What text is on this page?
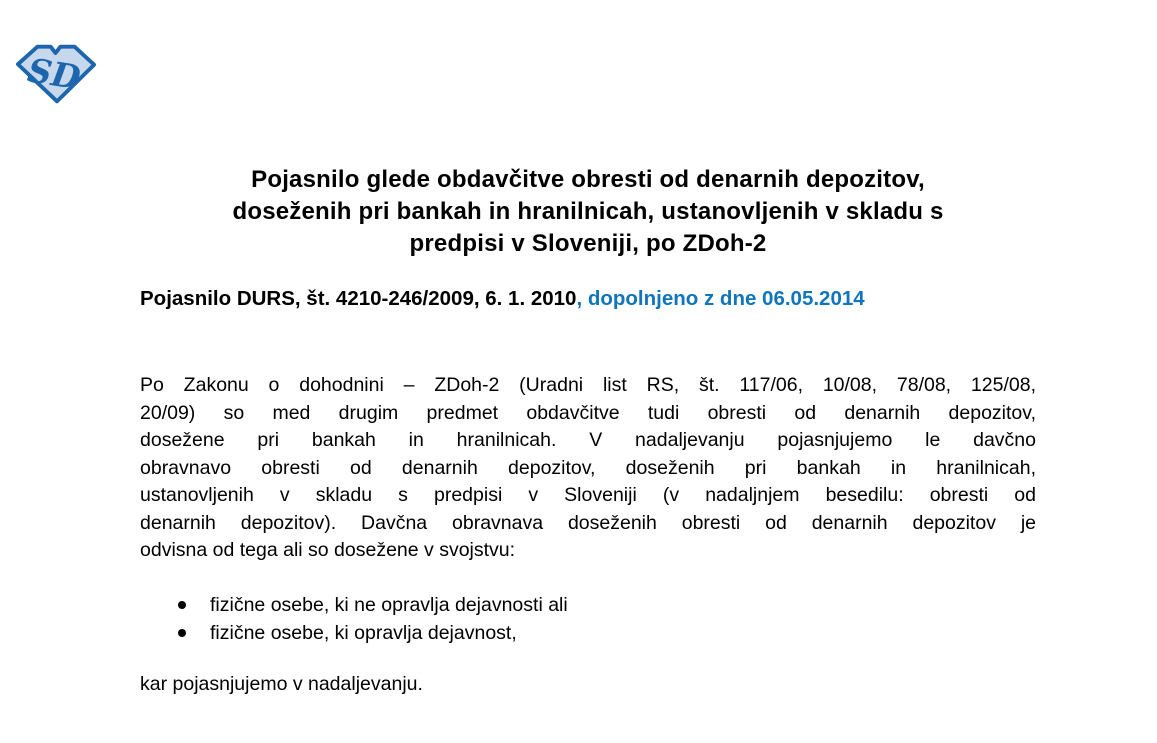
SD
Pojasnilo glede obdavčitve obresti od denarnih depozitov,
doseženih pri bankah in hranilnicah, ustanovljenih v skladu s
predpisi v Sloveniji, po ZDoh-2
Pojasnilo DURS, št. 4210-246/2009, 6. 1. 2010, dopolnjeno z dne 06.05.2014
Po Zakonu o dohodnini – ZDoh-2 (Uradni list RS, št. 117/06, 10/08, 78/08, 125/08,
20/09) so med drugim predmet obdavčitve tudi obresti od denarnih depozitov,
dosežene pri bankah in hranilnicah. V nadaljevanju pojasnjujemo le davčno
obravnavo obresti od denarnih depozitov, doseženih pri bankah in hranilnicah,
ustanovljenih v skladu s predpisi v Sloveniji (v nadaljnjem besedilu: obresti od
denarnih depozitov). Davčna obravnava doseženih obresti od denarnih depozitov je
odvisna od tega ali so dosežene v svojstvu:
fizične osebe, ki ne opravlja dejavnosti ali
fizične osebe, ki opravlja dejavnost,
kar pojasnjujemo v nadaljevanju.
